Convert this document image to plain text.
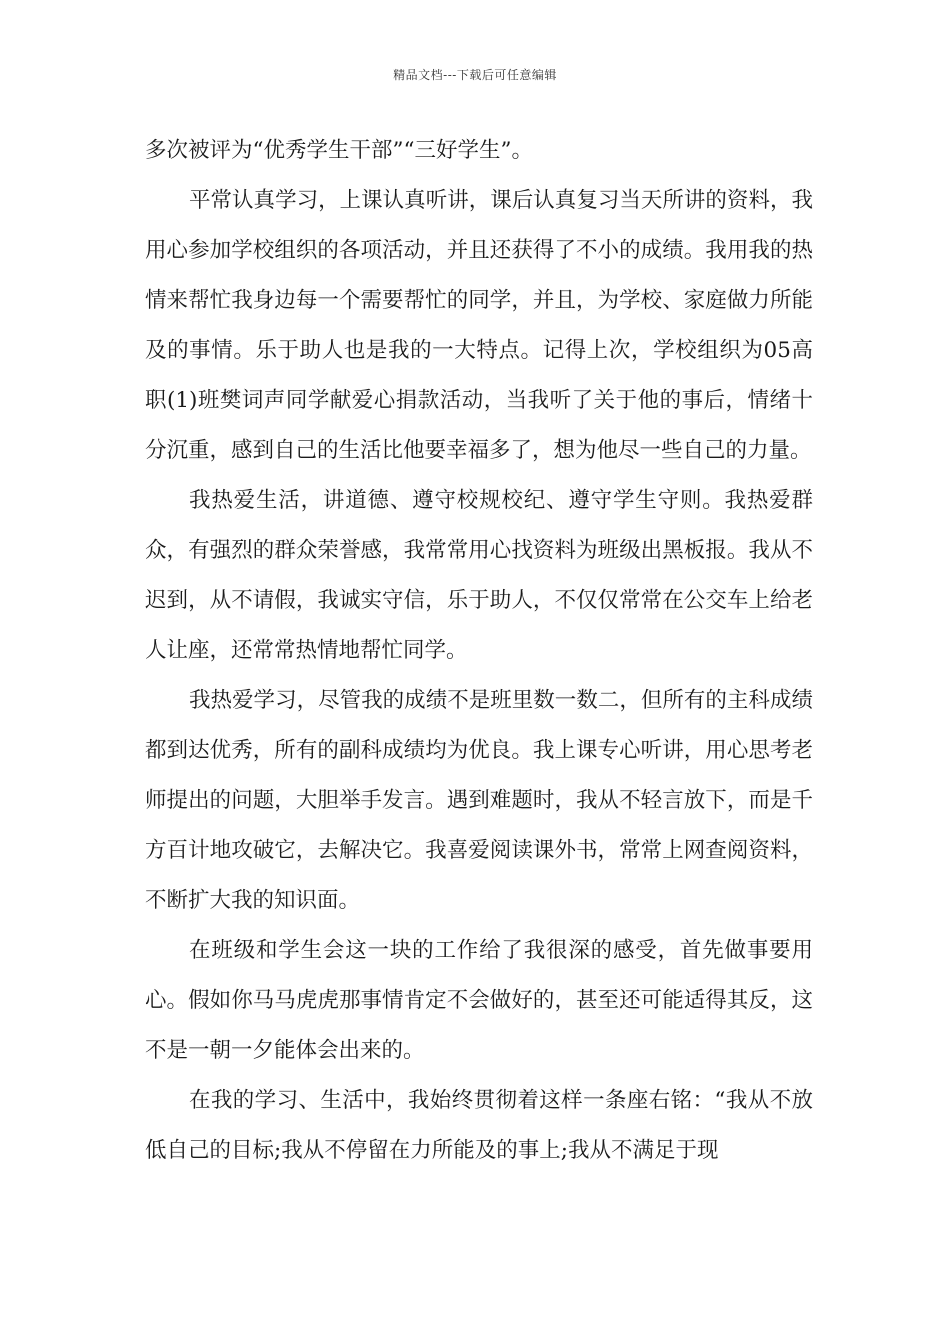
精品文档---下载后可任意编辑

多次被评为“优秀学生干部”“三好学生”。

平常认真学习，上课认真听讲，课后认真复习当天所讲的资料，我用心参加学校组织的各项活动，并且还获得了不小的成绩。我用我的热情来帮忙我身边每一个需要帮忙的同学，并且，为学校、家庭做力所能及的事情。乐于助人也是我的一大特点。记得上次，学校组织为05高职(1)班樊词声同学献爱心捐款活动，当我听了关于他的事后，情绪十分沉重，感到自己的生活比他要幸福多了，想为他尽一些自己的力量。

我热爱生活，讲道德、遵守校规校纪、遵守学生守则。我热爱群众，有强烈的群众荣誉感，我常常用心找资料为班级出黑板报。我从不迟到，从不请假，我诚实守信，乐于助人，不仅仅常常在公交车上给老人让座，还常常热情地帮忙同学。

我热爱学习，尽管我的成绩不是班里数一数二，但所有的主科成绩都到达优秀，所有的副科成绩均为优良。我上课专心听讲，用心思考老师提出的问题，大胆举手发言。遇到难题时，我从不轻言放下，而是千方百计地攻破它，去解决它。我喜爱阅读课外书，常常上网查阅资料，不断扩大我的知识面。

在班级和学生会这一块的工作给了我很深的感受，首先做事要用心。假如你马马虎虎那事情肯定不会做好的，甚至还可能适得其反，这不是一朝一夕能体会出来的。

在我的学习、生活中，我始终贯彻着这样一条座右铭：“我从不放低自己的目标;我从不停留在力所能及的事上;我从不满足于现
